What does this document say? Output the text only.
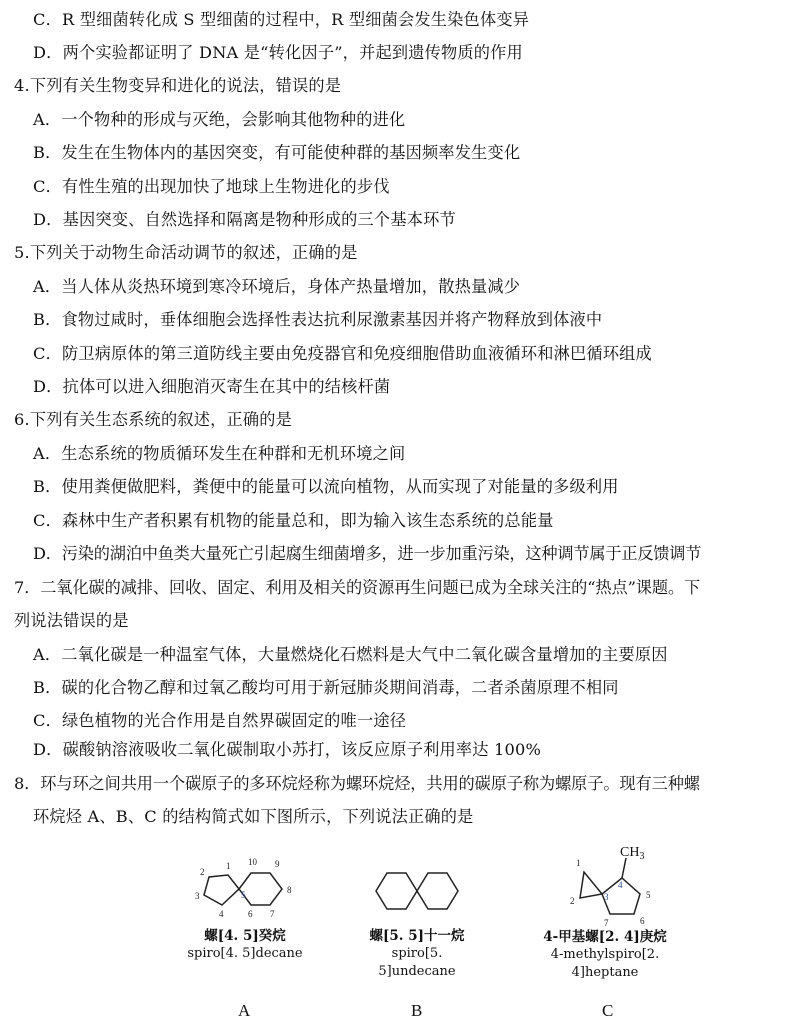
C．R 型细菌转化成 S 型细菌的过程中，R 型细菌会发生染色体变异
D．两个实验都证明了 DNA 是“转化因子”，并起到遗传物质的作用
4.下列有关生物变异和进化的说法，错误的是
A．一个物种的形成与灭绝，会影响其他物种的进化
B．发生在生物体内的基因突变，有可能使种群的基因频率发生变化
C．有性生殖的出现加快了地球上生物进化的步伐
D．基因突变、自然选择和隔离是物种形成的三个基本环节
5.下列关于动物生命活动调节的叙述，正确的是
A．当人体从炎热环境到寒冷环境后，身体产热量增加，散热量减少
B．食物过咸时，垂体细胞会选择性表达抗利尿激素基因并将产物释放到体液中
C．防卫病原体的第三道防线主要由免疫器官和免疫细胞借助血液循环和淋巴循环组成
D．抗体可以进入细胞消灭寄生在其中的结核杆菌
6.下列有关生态系统的叙述，正确的是
A．生态系统的物质循环发生在种群和无机环境之间
B．使用粪便做肥料，粪便中的能量可以流向植物，从而实现了对能量的多级利用
C．森林中生产者积累有机物的能量总和，即为输入该生态系统的总能量
D．污染的湖泊中鱼类大量死亡引起腐生细菌增多，进一步加重污染，这种调节属于正反馈调节
7．二氧化碳的减排、回收、固定、利用及相关的资源再生问题已成为全球关注的“热点”课题。下
列说法错误的是
A．二氧化碳是一种温室气体，大量燃烧化石燃料是大气中二氧化碳含量增加的主要原因
B．碳的化合物乙醇和过氧乙酸均可用于新冠肺炎期间消毒，二者杀菌原理不相同
C．绿色植物的光合作用是自然界碳固定的唯一途径
D．碳酸钠溶液吸收二氧化碳制取小苏打，该反应原子利用率达 100%
8．环与环之间共用一个碳原子的多环烷烃称为螺环烷烃，共用的碳原子称为螺原子。现有三种螺
环烷烃 A、B、C 的结构简式如下图所示，下列说法正确的是
1
2
3
4
5
6 7
8
9
10
螺[4. 5]癸烷
spiro[4. 5]decane
螺[5. 5]十一烷
spiro[5. 5]undecane
$CH_3$
1
2	3
4
5
6
7
4-甲基螺[2. 4]庚烷
4-methylspiro[2. 4]heptane
A	B	C
